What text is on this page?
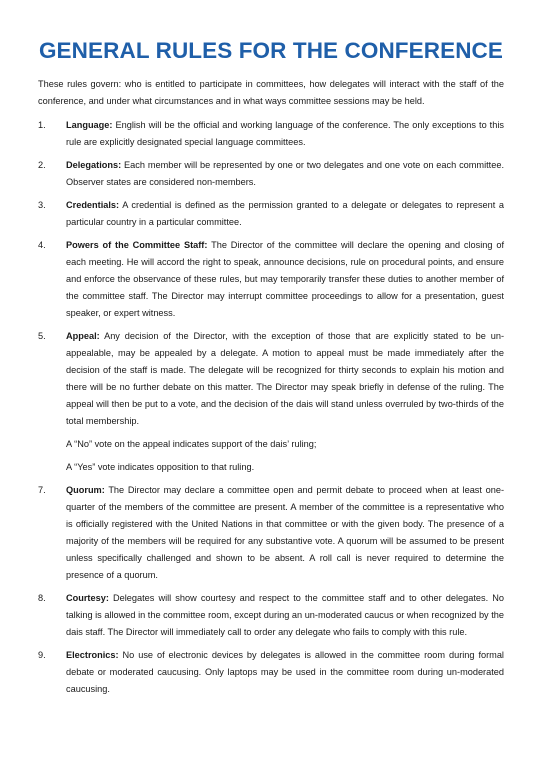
GENERAL RULES FOR THE CONFERENCE

These rules govern: who is entitled to participate in committees, how delegates will interact with the staff of the conference, and under what circumstances and in what ways committee sessions may be held.

1.	Language: English will be the official and working language of the conference. The only exceptions to this rule are explicitly designated special language committees.
2.	Delegations: Each member will be represented by one or two delegates and one vote on each committee. Observer states are considered non-members.
3.	Credentials: A credential is defined as the permission granted to a delegate or delegates to represent a particular country in a particular committee.
4.	Powers of the Committee Staff: The Director of the committee will declare the opening and closing of each meeting. He will accord the right to speak, announce decisions, rule on procedural points, and ensure and enforce the observance of these rules, but may temporarily transfer these duties to another member of the committee staff. The Director may interrupt committee proceedings to allow for a presentation, guest speaker, or expert witness.
5.	Appeal: Any decision of the Director, with the exception of those that are explicitly stated to be un-appealable, may be appealed by a delegate. A motion to appeal must be made immediately after the decision of the staff is made. The delegate will be recognized for thirty seconds to explain his motion and there will be no further debate on this matter. The Director may speak briefly in defense of the ruling. The appeal will then be put to a vote, and the decision of the dais will stand unless overruled by two-thirds of the total membership.
A “No” vote on the appeal indicates support of the dais’ ruling;
A “Yes” vote indicates opposition to that ruling.
7.	Quorum: The Director may declare a committee open and permit debate to proceed when at least one-quarter of the members of the committee are present. A member of the committee is a representative who is officially registered with the United Nations in that committee or with the given body. The presence of a majority of the members will be required for any substantive vote. A quorum will be assumed to be present unless specifically challenged and shown to be absent. A roll call is never required to determine the presence of a quorum.
8.	Courtesy: Delegates will show courtesy and respect to the committee staff and to other delegates. No talking is allowed in the committee room, except during an un-moderated caucus or when recognized by the dais staff. The Director will immediately call to order any delegate who fails to comply with this rule.
9.	Electronics: No use of electronic devices by delegates is allowed in the committee room during formal debate or moderated caucusing. Only laptops may be used in the committee room during un-moderated caucusing.
